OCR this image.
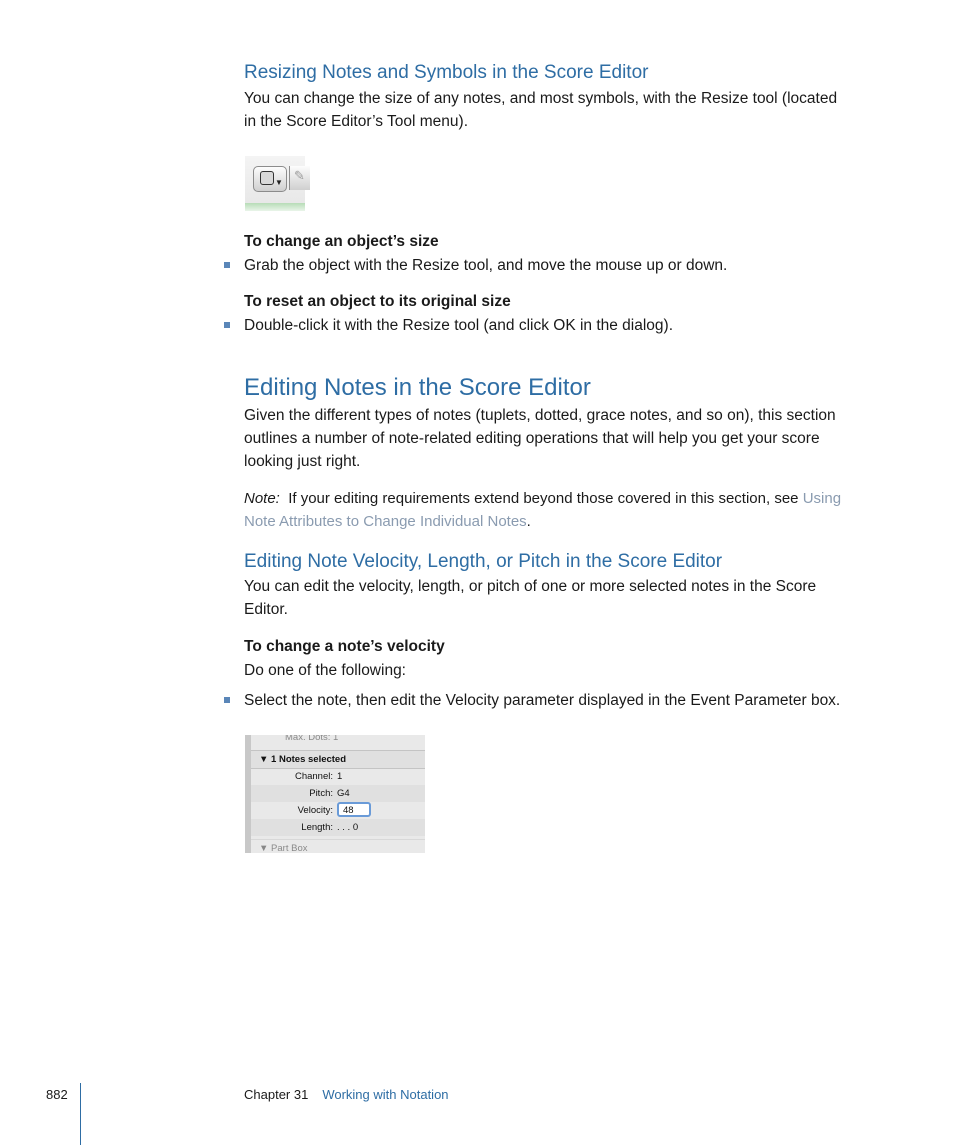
Resizing Notes and Symbols in the Score Editor
You can change the size of any notes, and most symbols, with the Resize tool (located
in the Score Editor’s Tool menu).
▼ ✎
To change an object’s size
Grab the object with the Resize tool, and move the mouse up or down.
To reset an object to its original size
Double-click it with the Resize tool (and click OK in the dialog).
Editing Notes in the Score Editor
Given the different types of notes (tuplets, dotted, grace notes, and so on), this section
outlines a number of note-related editing operations that will help you get your score
looking just right.
Note: If your editing requirements extend beyond those covered in this section, see Using
Note Attributes to Change Individual Notes.
Editing Note Velocity, Length, or Pitch in the Score Editor
You can edit the velocity, length, or pitch of one or more selected notes in the Score
Editor.
To change a note’s velocity
Do one of the following:
Select the note, then edit the Velocity parameter displayed in the Event Parameter box.
Max. Dots: 1
▼ 1 Notes selected
Channel: 1
Pitch: G4
Velocity:	48
Length: . . . 0
▼ Part Box
882	Chapter 31 Working with Notation
